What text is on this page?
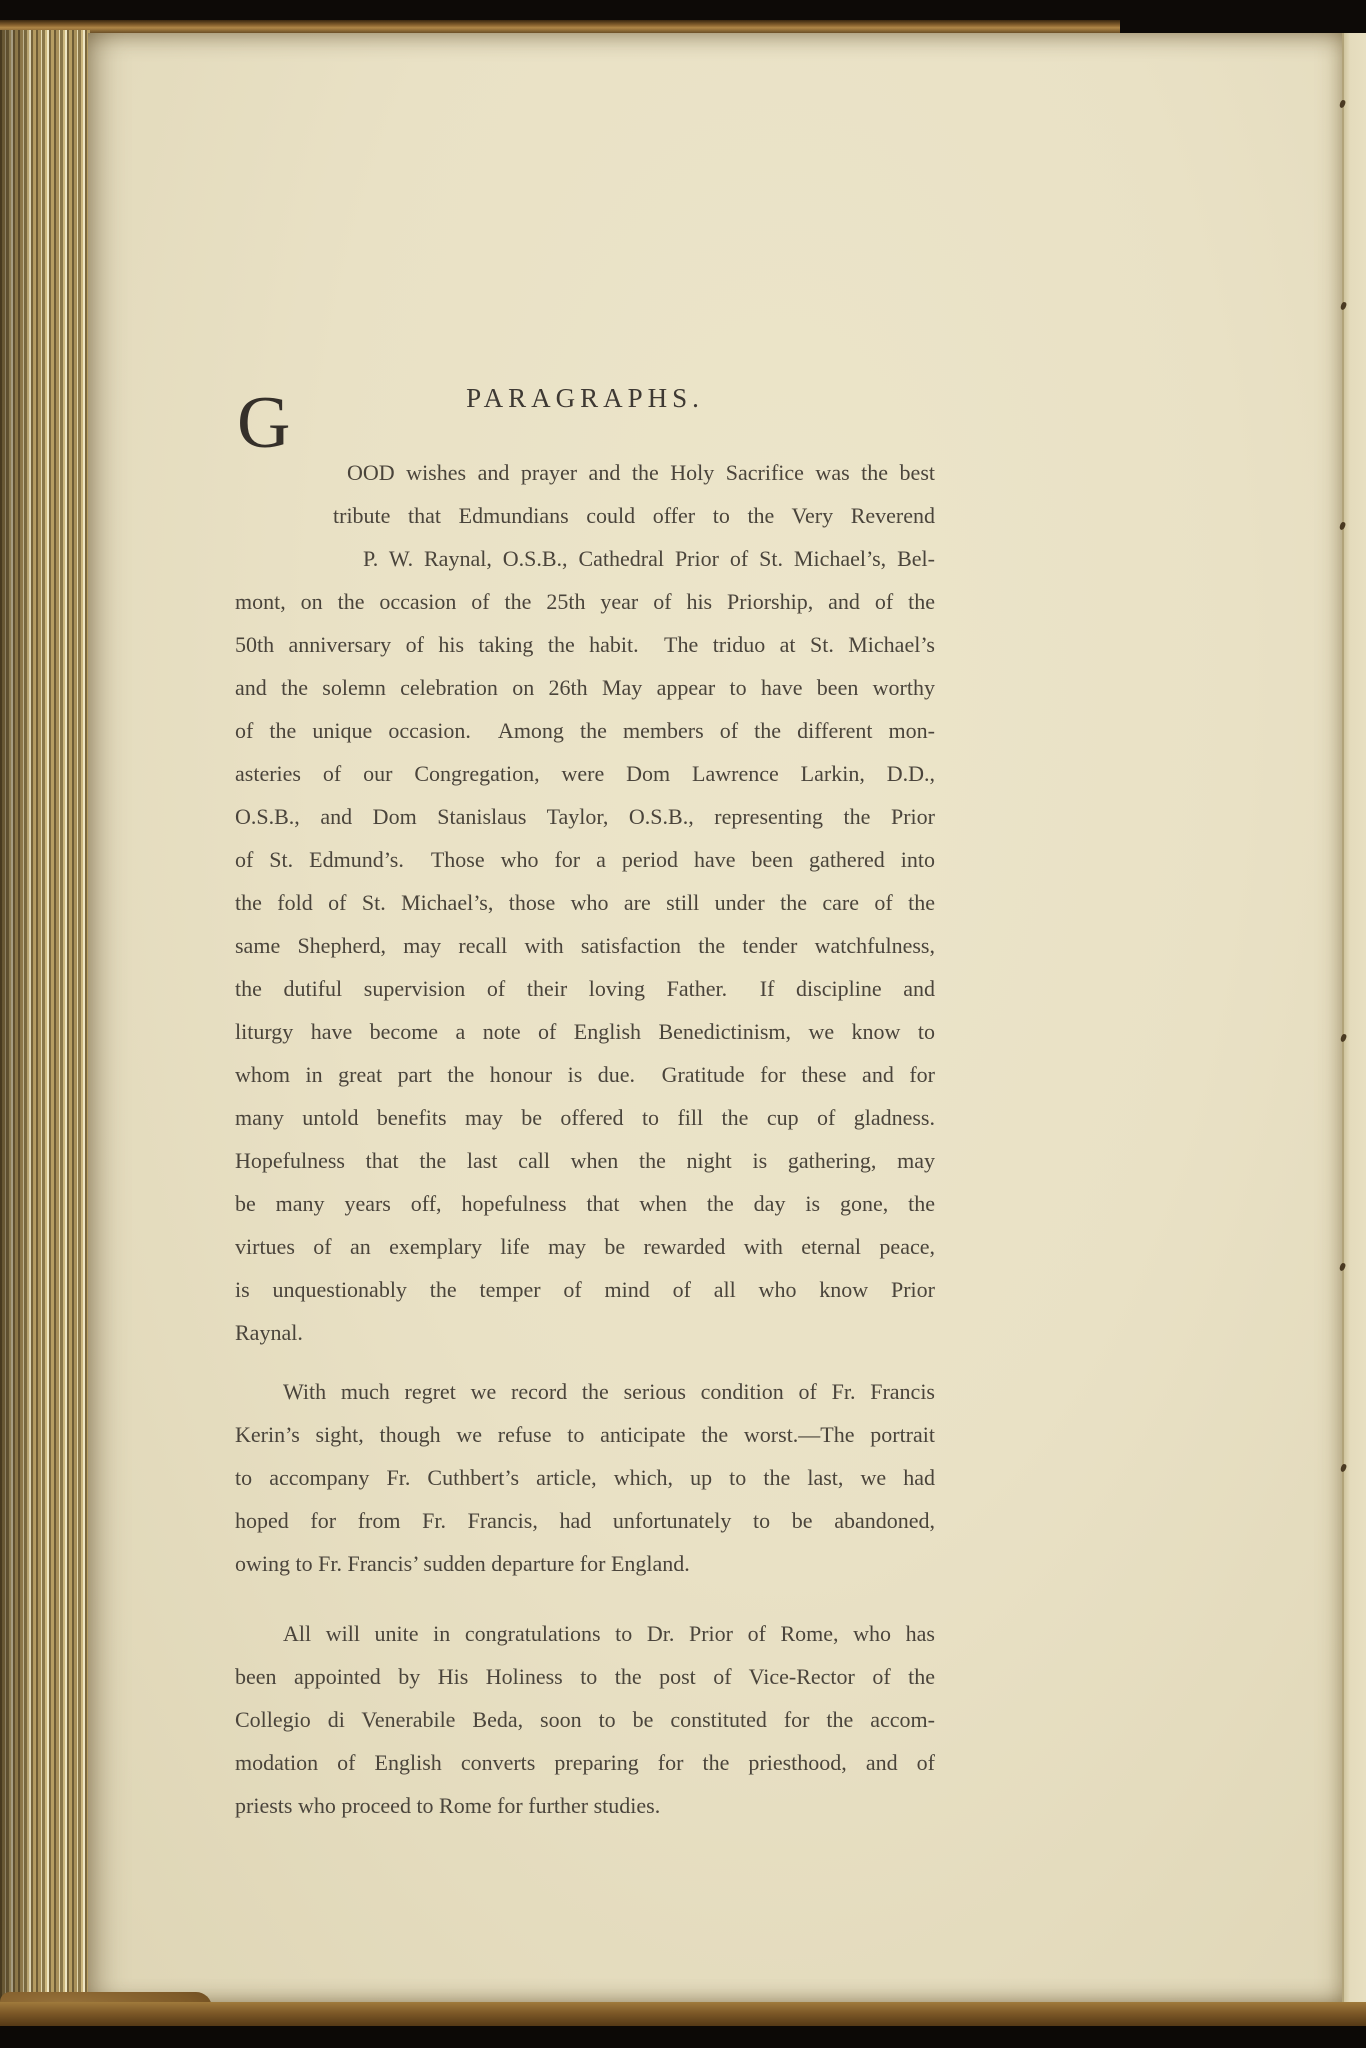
PARAGRAPHS.
OOD wishes and prayer and the Holy Sacrifice was the best
tribute that Edmundians could offer to the Very Reverend
P. W. Raynal, O.S.B., Cathedral Prior of St. Michael’s, Bel-
mont, on the occasion of the 25th year of his Priorship, and of the
50th anniversary of his taking the habit.  The triduo at St. Michael’s
and the solemn celebration on 26th May appear to have been worthy
of the unique occasion.  Among the members of the different mon-
asteries of our Congregation, were Dom Lawrence Larkin, D.D.,
O.S.B., and Dom Stanislaus Taylor, O.S.B., representing the Prior
of St. Edmund’s.  Those who for a period have been gathered into
the fold of St. Michael’s, those who are still under the care of the
same Shepherd, may recall with satisfaction the tender watchfulness,
the dutiful supervision of their loving Father.  If discipline and
liturgy have become a note of English Benedictinism, we know to
whom in great part the honour is due.  Gratitude for these and for
many untold benefits may be offered to fill the cup of gladness.
Hopefulness that the last call when the night is gathering, may
be many years off, hopefulness that when the day is gone, the
virtues of an exemplary life may be rewarded with eternal peace,
is unquestionably the temper of mind of all who know Prior
Raynal.
G
With much regret we record the serious condition of Fr. Francis
Kerin’s sight, though we refuse to anticipate the worst.—The portrait
to accompany Fr. Cuthbert’s article, which, up to the last, we had
hoped for from Fr. Francis, had unfortunately to be abandoned,
owing to Fr. Francis’ sudden departure for England.
All will unite in congratulations to Dr. Prior of Rome, who has
been appointed by His Holiness to the post of Vice-Rector of the
Collegio di Venerabile Beda, soon to be constituted for the accom-
modation of English converts preparing for the priesthood, and of
priests who proceed to Rome for further studies.
